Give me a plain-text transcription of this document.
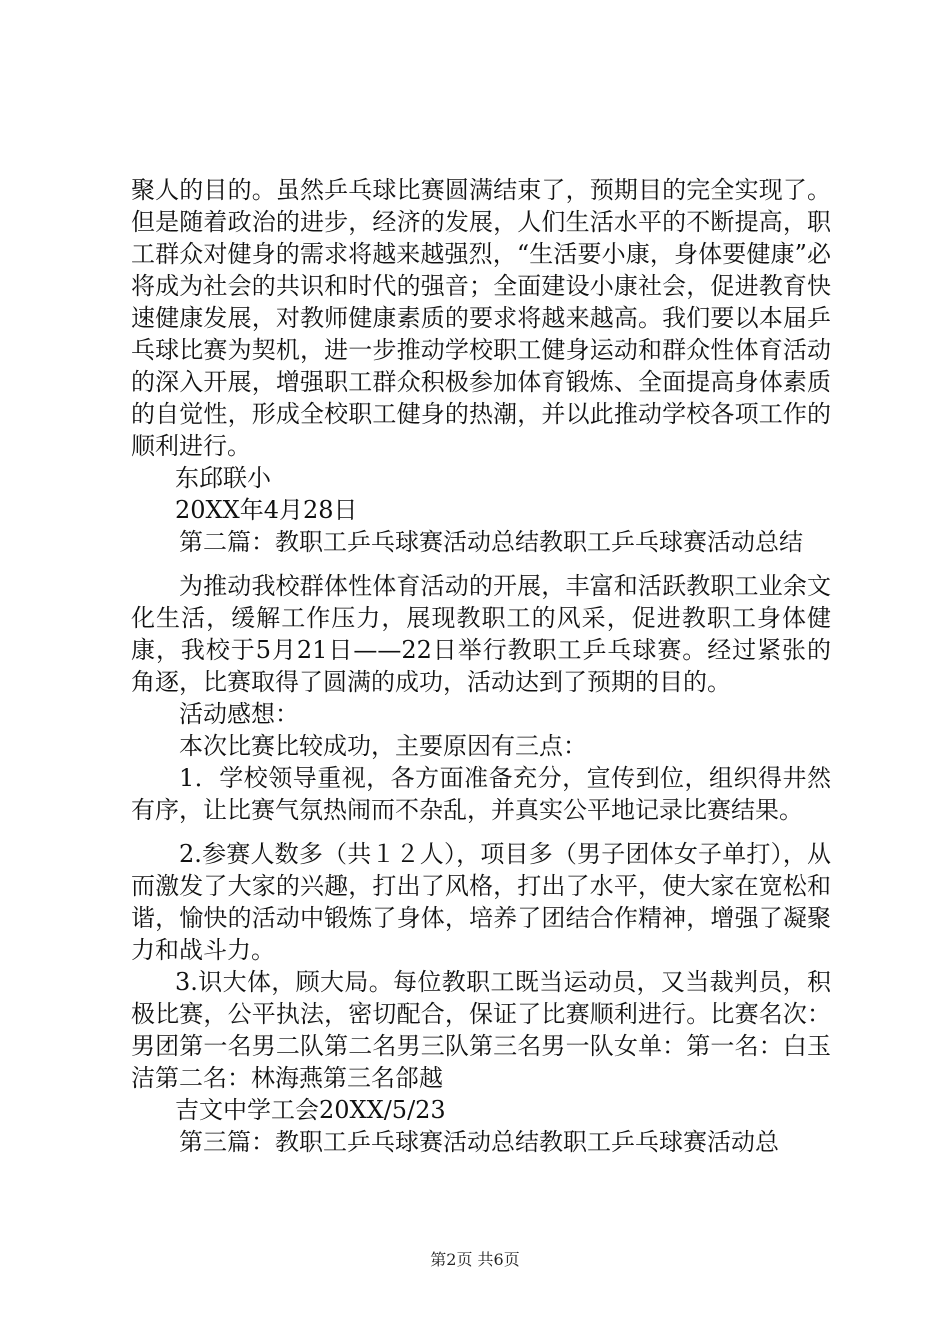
聚人的目的。虽然乒乓球比赛圆满结束了，预期目的完全实现了。但是随着政治的进步，经济的发展，人们生活水平的不断提高，职工群众对健身的需求将越来越强烈，“生活要小康，身体要健康”必将成为社会的共识和时代的强音；全面建设小康社会，促进教育快速健康发展，对教师健康素质的要求将越来越高。我们要以本届乒乓球比赛为契机，进一步推动学校职工健身运动和群众性体育活动的深入开展，增强职工群众积极参加体育锻炼、全面提高身体素质的自觉性，形成全校职工健身的热潮，并以此推动学校各项工作的顺利进行。

东邱联小

20XX年4月28日

第二篇：教职工乒乓球赛活动总结教职工乒乓球赛活动总结

为推动我校群体性体育活动的开展，丰富和活跃教职工业余文化生活，缓解工作压力，展现教职工的风采，促进教职工身体健康，我校于5月21日——22日举行教职工乒乓球赛。经过紧张的角逐，比赛取得了圆满的成功，活动达到了预期的目的。

活动感想：

本次比赛比较成功，主要原因有三点：

1．学校领导重视，各方面准备充分，宣传到位，组织得井然有序，让比赛气氛热闹而不杂乱，并真实公平地记录比赛结果。

2.参赛人数多（共１２人），项目多（男子团体女子单打），从而激发了大家的兴趣，打出了风格，打出了水平，使大家在宽松和谐，愉快的活动中锻炼了身体，培养了团结合作精神，增强了凝聚力和战斗力。

3.识大体，顾大局。每位教职工既当运动员，又当裁判员，积极比赛，公平执法，密切配合，保证了比赛顺利进行。比赛名次：男团第一名男二队第二名男三队第三名男一队女单：第一名：白玉洁第二名：林海燕第三名郃越

吉文中学工会20XX/5/23

第三篇：教职工乒乓球赛活动总结教职工乒乓球赛活动总

第2页 共6页
